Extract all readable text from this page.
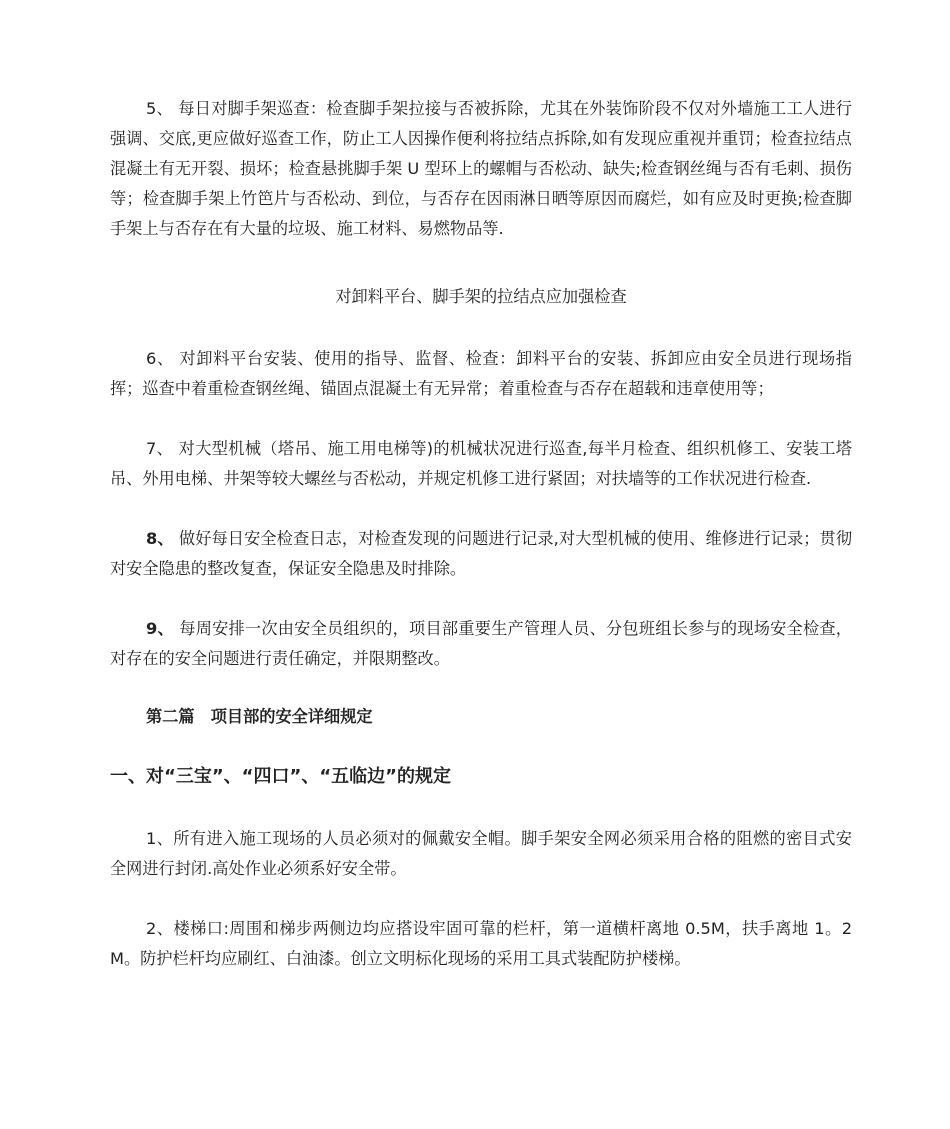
5、 每日对脚手架巡查：检查脚手架拉接与否被拆除，尤其在外装饰阶段不仅对外墙施工工人进行强调、交底,更应做好巡查工作，防止工人因操作便利将拉结点拆除,如有发现应重视并重罚；检查拉结点混凝土有无开裂、损坏；检查悬挑脚手架 U 型环上的螺帽与否松动、缺失;检查钢丝绳与否有毛刺、损伤等；检查脚手架上竹笆片与否松动、到位，与否存在因雨淋日晒等原因而腐烂，如有应及时更换;检查脚手架上与否存在有大量的垃圾、施工材料、易燃物品等.

对卸料平台、脚手架的拉结点应加强检查

6、 对卸料平台安装、使用的指导、监督、检查：卸料平台的安装、拆卸应由安全员进行现场指挥；巡查中着重检查钢丝绳、锚固点混凝土有无异常；着重检查与否存在超载和违章使用等；

7、 对大型机械（塔吊、施工用电梯等)的机械状况进行巡查,每半月检查、组织机修工、安装工塔吊、外用电梯、井架等较大螺丝与否松动，并规定机修工进行紧固；对扶墙等的工作状况进行检查.

8、 做好每日安全检查日志，对检查发现的问题进行记录,对大型机械的使用、维修进行记录；贯彻对安全隐患的整改复查，保证安全隐患及时排除。

9、 每周安排一次由安全员组织的，项目部重要生产管理人员、分包班组长参与的现场安全检查，对存在的安全问题进行责任确定，并限期整改。

第二篇　项目部的安全详细规定

一、对“三宝”、“四口”、“五临边”的规定

1、所有进入施工现场的人员必须对的佩戴安全帽。脚手架安全网必须采用合格的阻燃的密目式安全网进行封闭.高处作业必须系好安全带。

2、楼梯口:周围和梯步两侧边均应搭设牢固可靠的栏杆，第一道横杆离地 0.5M，扶手离地 1。2M。防护栏杆均应刷红、白油漆。创立文明标化现场的采用工具式装配防护楼梯。
